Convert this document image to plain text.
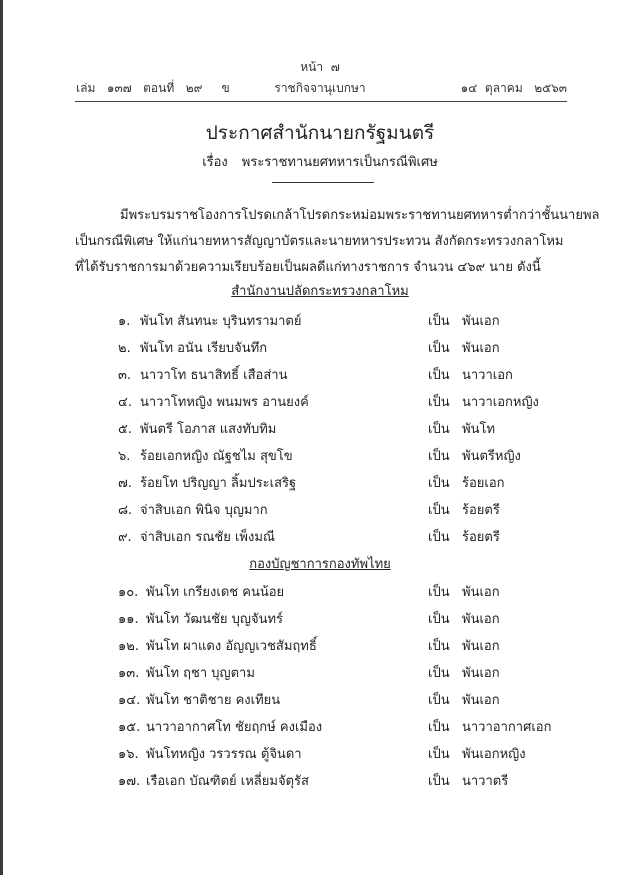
หน้า ๗
เล่ม ๑๓๗ ตอนที่ ๒๙ ข	ราชกิจจานุเบกษา	๑๔ ตุลาคม ๒๕๖๓
ประกาศสำนักนายกรัฐมนตรี
เรื่อง พระราชทานยศทหารเป็นกรณีพิเศษ
มีพระบรมราชโองการโปรดเกล้าโปรดกระหม่อมพระราชทานยศทหารต่ำกว่าชั้นนายพล
เป็นกรณีพิเศษ ให้แก่นายทหารสัญญาบัตรและนายทหารประทวน สังกัดกระทรวงกลาโหม
ที่ได้รับราชการมาด้วยความเรียบร้อยเป็นผลดีแก่ทางราชการ จำนวน ๔๖๙ นาย ดังนี้
สำนักงานปลัดกระทรวงกลาโหม
๑. พันโท สันทนะ บุรินทรามาตย์	เป็น พันเอก
๒. พันโท อนัน เรียบจันทึก	เป็น พันเอก
๓. นาวาโท ธนาสิทธิ์ เสือส่าน	เป็น นาวาเอก
๔. นาวาโทหญิง พนมพร อานยงค์	เป็น นาวาเอกหญิง
๕. พันตรี โอภาส แสงทับทิม	เป็น พันโท
๖. ร้อยเอกหญิง ณัฐชไม สุขโข	เป็น พันตรีหญิง
๗. ร้อยโท ปริญญา ลิ้มประเสริฐ	เป็น ร้อยเอก
๘. จ่าสิบเอก พินิจ บุญมาก	เป็น ร้อยตรี
๙. จ่าสิบเอก รณชัย เพ็งมณี	เป็น ร้อยตรี
กองบัญชาการกองทัพไทย
๑๐. พันโท เกรียงเดช คนน้อย	เป็น พันเอก
๑๑. พันโท วัฒนชัย บุญจันทร์	เป็น พันเอก
๑๒. พันโท ผาแดง อัญญเวชสัมฤทธิ์	เป็น พันเอก
๑๓. พันโท ฤชา บุญตาม	เป็น พันเอก
๑๔. พันโท ชาติชาย คงเทียน	เป็น พันเอก
๑๕. นาวาอากาศโท ชัยฤกษ์ คงเมือง	เป็น นาวาอากาศเอก
๑๖. พันโทหญิง วรวรรณ ตู้จินดา	เป็น พันเอกหญิง
๑๗. เรือเอก บัณฑิตย์ เหลี่ยมจัตุรัส	เป็น นาวาตรี
